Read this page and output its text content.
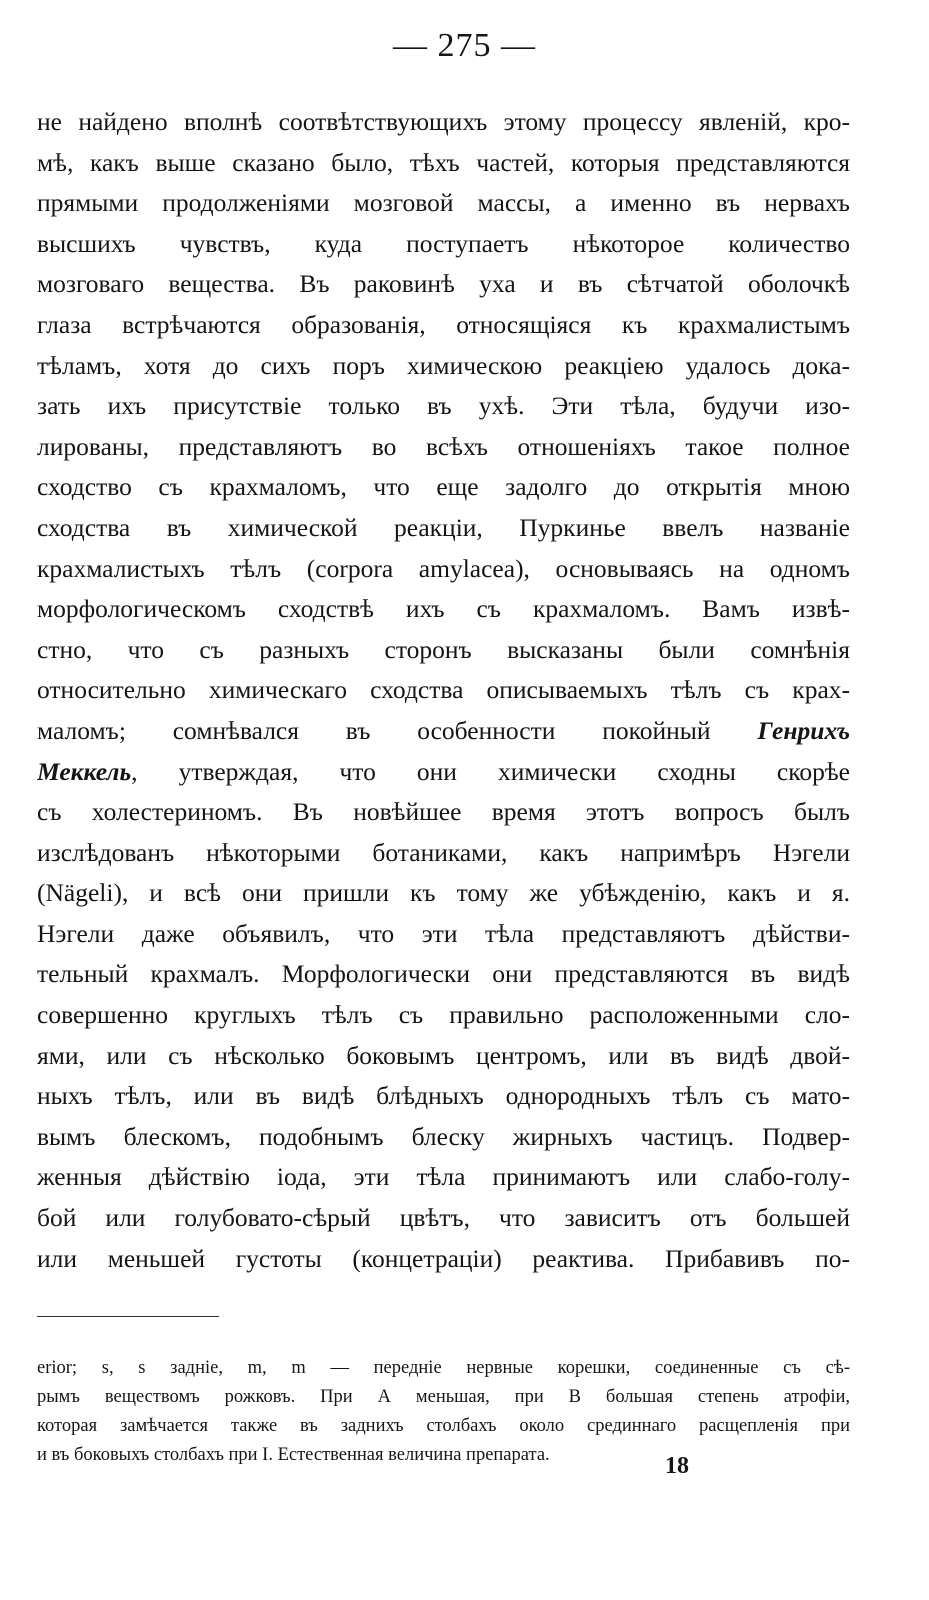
— 275 —
не найдено вполнѣ соотвѣтствующихъ этому процессу явленій, кро-
мѣ, какъ выше сказано было, тѣхъ частей, которыя представляются
прямыми продолженіями мозговой массы, а именно въ нервахъ
высшихъ чувствъ, куда поступаетъ нѣкоторое количество
мозговаго вещества. Въ раковинѣ уха и въ сѣтчатой оболочкѣ
глаза встрѣчаются образованія, относящіяся къ крахмалистымъ
тѣламъ, хотя до сихъ поръ химическою реакціею удалось дока-
зать ихъ присутствіе только въ ухѣ. Эти тѣла, будучи изо-
лированы, представляютъ во всѣхъ отношеніяхъ такое полное
сходство съ крахмаломъ, что еще задолго до открытія мною
сходства въ химической реакціи, Пуркинье ввелъ названіе
крахмалистыхъ тѣлъ (corpora amylacea), основываясь на одномъ
морфологическомъ сходствѣ ихъ съ крахмаломъ. Вамъ извѣ-
стно, что съ разныхъ сторонъ высказаны были сомнѣнія
относительно химическаго сходства описываемыхъ тѣлъ съ крах-
маломъ; сомнѣвался въ особенности покойный Генрихъ
Меккель, утверждая, что они химически сходны скорѣе
съ холестериномъ. Въ новѣйшее время этотъ вопросъ былъ
изслѣдованъ нѣкоторыми ботаниками, какъ напримѣръ Нэгели
(Nägeli), и всѣ они пришли къ тому же убѣжденію, какъ и я.
Нэгели даже объявилъ, что эти тѣла представляютъ дѣйстви-
тельный крахмалъ. Морфологически они представляются въ видѣ
совершенно круглыхъ тѣлъ съ правильно расположенными сло-
ями, или съ нѣсколько боковымъ центромъ, или въ видѣ двой-
ныхъ тѣлъ, или въ видѣ блѣдныхъ однородныхъ тѣлъ съ мато-
вымъ блескомъ, подобнымъ блеску жирныхъ частицъ. Подвер-
женныя дѣйствію іода, эти тѣла принимаютъ или слабо-голу-
бой или голубовато-сѣрый цвѣтъ, что зависитъ отъ большей
или меньшей густоты (концетраціи) реактива. Прибавивъ по-
erior; s, s задніе, m, m — передніе нервные корешки, соединенные съ сѣ-
рымъ веществомъ рожковъ. При А меньшая, при В большая степень атрофіи,
которая замѣчается также въ заднихъ столбахъ около срединнаго расщепленія при
и въ боковыхъ столбахъ при I. Естественная величина препарата.	18
